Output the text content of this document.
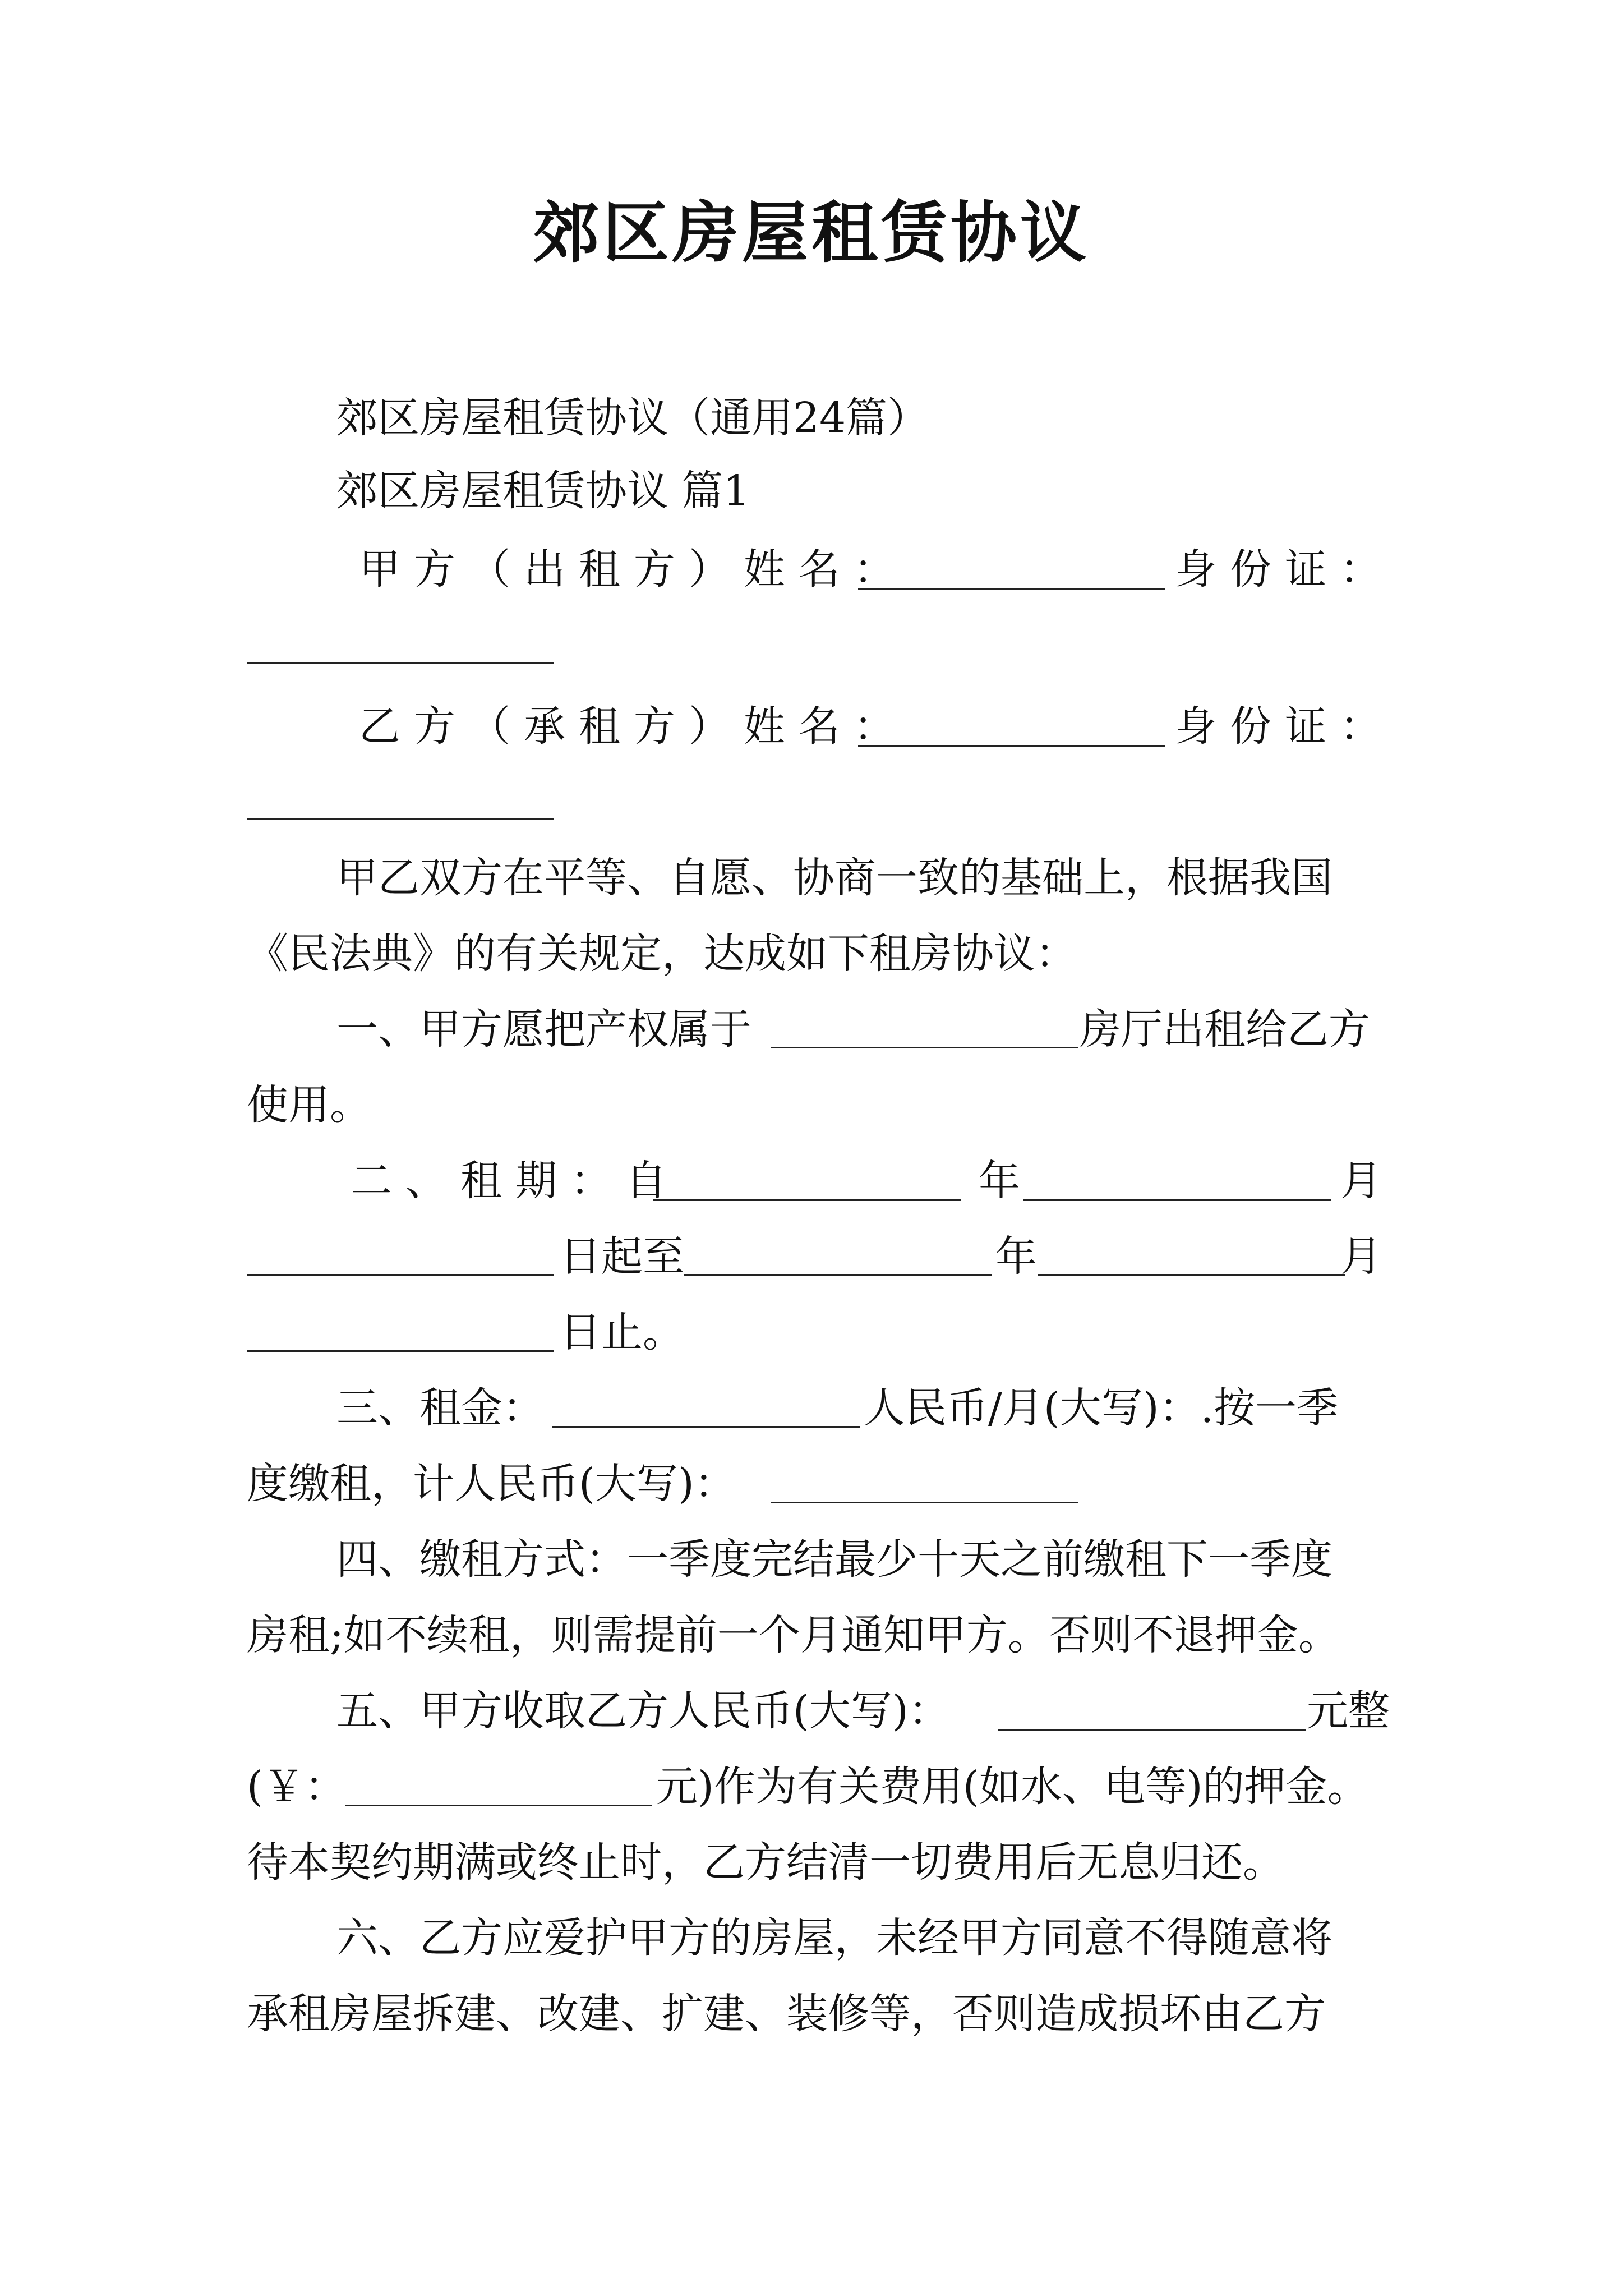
郊区房屋租赁协议
郊区房屋租赁协议（通用24篇）
郊区房屋租赁协议 篇1
甲方（出租方）姓名：	身份证：
乙方（承租方）姓名：	身份证：
甲乙双方在平等、自愿、协商一致的基础上，根据我国
《民法典》的有关规定，达成如下租房协议：
一、甲方愿把产权属于	房厅出租给乙方
使用。
二、租期：自	年	月
日起至	年	月
日止。
三、租金：	人民币/月(大写)：.按一季
度缴租，计人民币(大写)：
四、缴租方式：一季度完结最少十天之前缴租下一季度
房租;如不续租，则需提前一个月通知甲方。否则不退押金。
五、甲方收取乙方人民币(大写)：	元整
(￥：	元)作为有关费用(如水、电等)的押金。
待本契约期满或终止时，乙方结清一切费用后无息归还。
六、乙方应爱护甲方的房屋，未经甲方同意不得随意将
承租房屋拆建、改建、扩建、装修等，否则造成损坏由乙方
